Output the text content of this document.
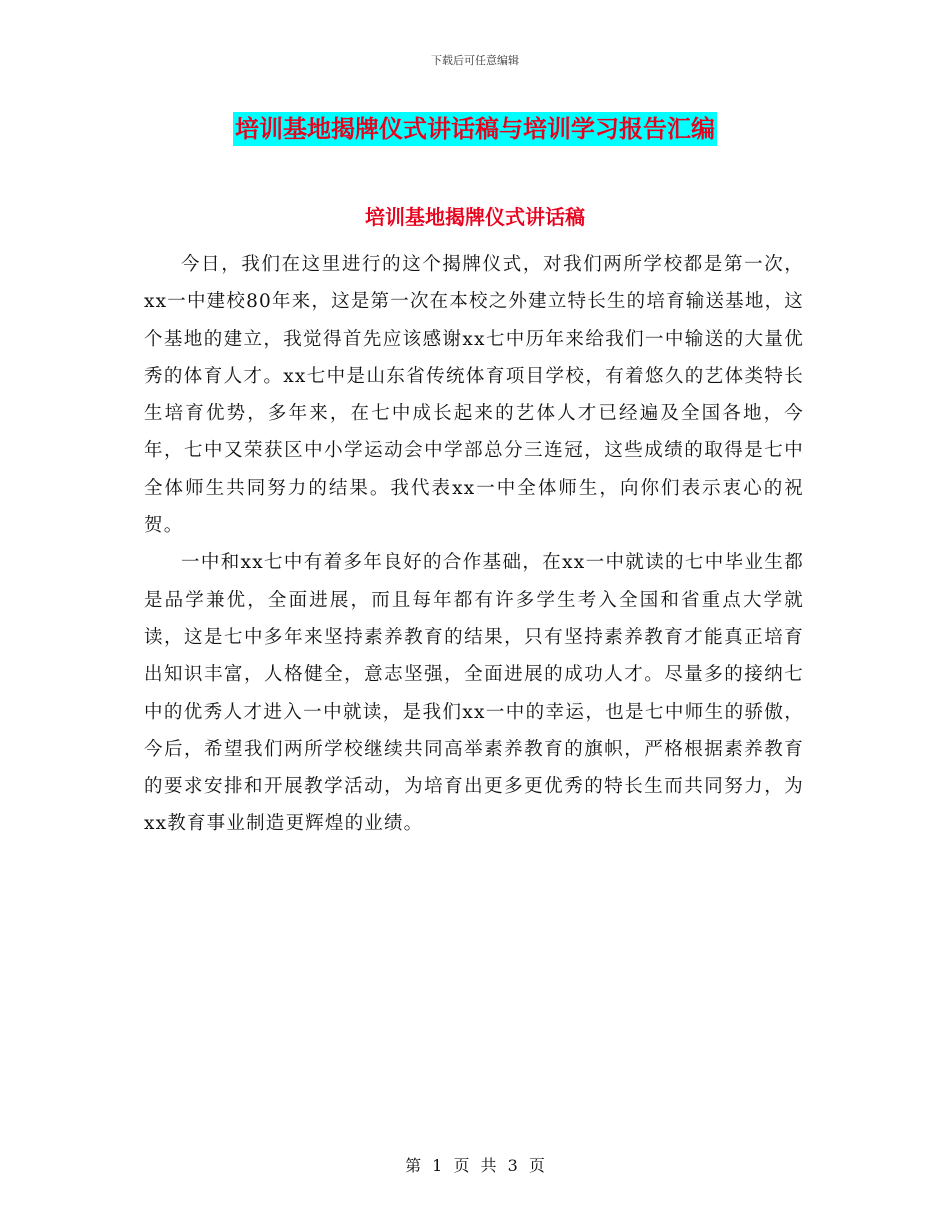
下载后可任意编辑
培训基地揭牌仪式讲话稿与培训学习报告汇编
培训基地揭牌仪式讲话稿

今日，我们在这里进行的这个揭牌仪式，对我们两所学校都是第一次，xx一中建校80年来，这是第一次在本校之外建立特长生的培育输送基地，这个基地的建立，我觉得首先应该感谢xx七中历年来给我们一中输送的大量优秀的体育人才。xx七中是山东省传统体育项目学校，有着悠久的艺体类特长生培育优势，多年来，在七中成长起来的艺体人才已经遍及全国各地，今年，七中又荣获区中小学运动会中学部总分三连冠，这些成绩的取得是七中全体师生共同努力的结果。我代表xx一中全体师生，向你们表示衷心的祝贺。

一中和xx七中有着多年良好的合作基础，在xx一中就读的七中毕业生都是品学兼优，全面进展，而且每年都有许多学生考入全国和省重点大学就读，这是七中多年来坚持素养教育的结果，只有坚持素养教育才能真正培育出知识丰富，人格健全，意志坚强，全面进展的成功人才。尽量多的接纳七中的优秀人才进入一中就读，是我们xx一中的幸运，也是七中师生的骄傲，今后，希望我们两所学校继续共同高举素养教育的旗帜，严格根据素养教育的要求安排和开展教学活动，为培育出更多更优秀的特长生而共同努力，为xx教育事业制造更辉煌的业绩。

第 1 页 共 3 页
